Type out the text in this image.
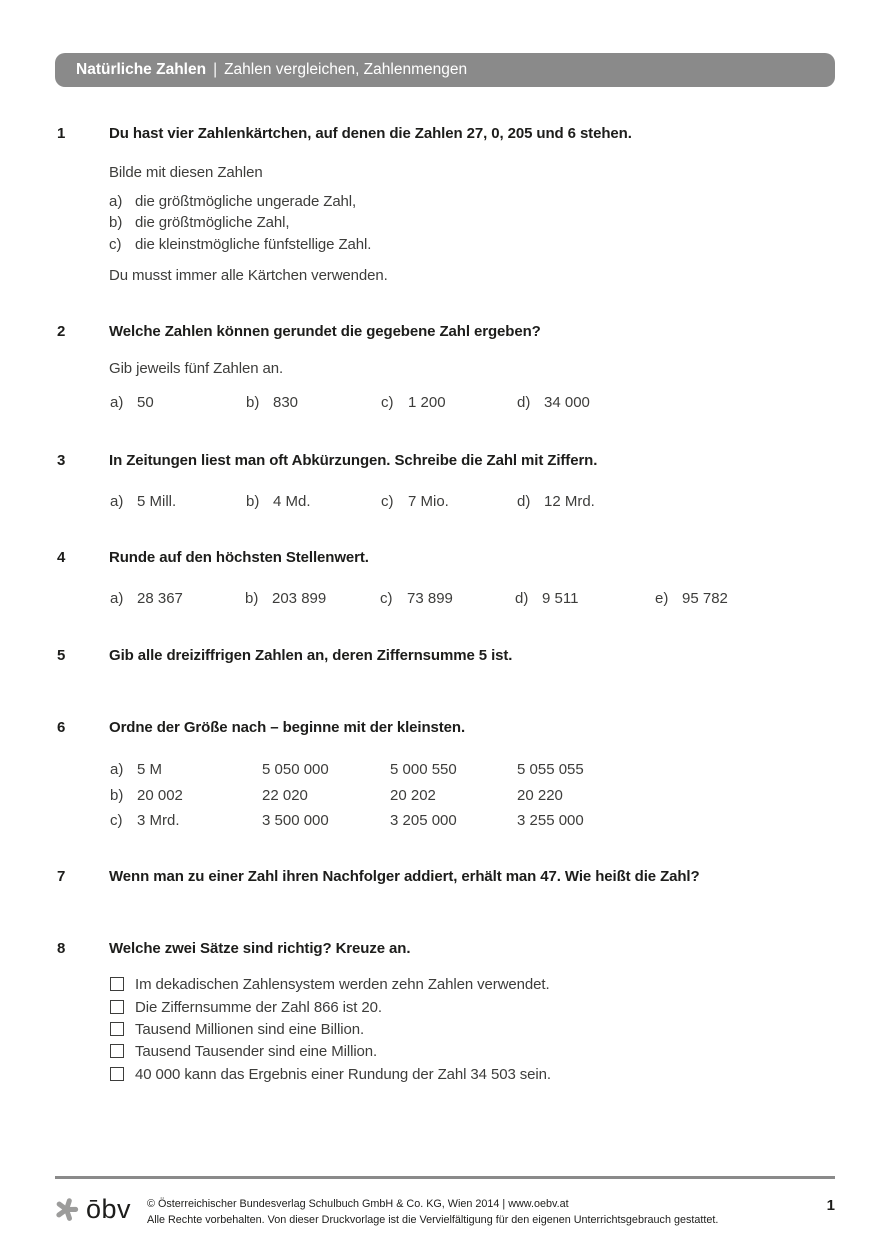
Natürliche Zahlen | Zahlen vergleichen, Zahlenmengen
1	Du hast vier Zahlenkärtchen, auf denen die Zahlen 27, 0, 205 und 6 stehen.
Bilde mit diesen Zahlen
a) die größtmögliche ungerade Zahl,
b) die größtmögliche Zahl,
c) die kleinstmögliche fünfstellige Zahl.
Du musst immer alle Kärtchen verwenden.
2	Welche Zahlen können gerundet die gegebene Zahl ergeben?
Gib jeweils fünf Zahlen an.
a) 50	b) 830	c) 1 200	d) 34 000
3	In Zeitungen liest man oft Abkürzungen. Schreibe die Zahl mit Ziffern.
a) 5 Mill.	b) 4 Md.	c) 7 Mio.	d) 12 Mrd.
4	Runde auf den höchsten Stellenwert.
a) 28 367	b) 203 899	c) 73 899	d) 9 511	e) 95 782
5	Gib alle dreiziffrigen Zahlen an, deren Ziffernsumme 5 ist.
6	Ordne der Größe nach – beginne mit der kleinsten.
a) 5 M	5 050 000	5 000 550	5 055 055
b) 20 002	22 020	20 202	20 220
c) 3 Mrd.	3 500 000	3 205 000	3 255 000
7	Wenn man zu einer Zahl ihren Nachfolger addiert, erhält man 47. Wie heißt die Zahl?
8	Welche zwei Sätze sind richtig? Kreuze an.
Im dekadischen Zahlensystem werden zehn Zahlen verwendet.
Die Ziffernsumme der Zahl 866 ist 20.
Tausend Millionen sind eine Billion.
Tausend Tausender sind eine Million.
40 000 kann das Ergebnis einer Rundung der Zahl 34 503 sein.
ōbv © Österreichischer Bundesverlag Schulbuch GmbH & Co. KG, Wien 2014 | www.oebv.at
Alle Rechte vorbehalten. Von dieser Druckvorlage ist die Vervielfältigung für den eigenen Unterrichtsgebrauch gestattet.
1
